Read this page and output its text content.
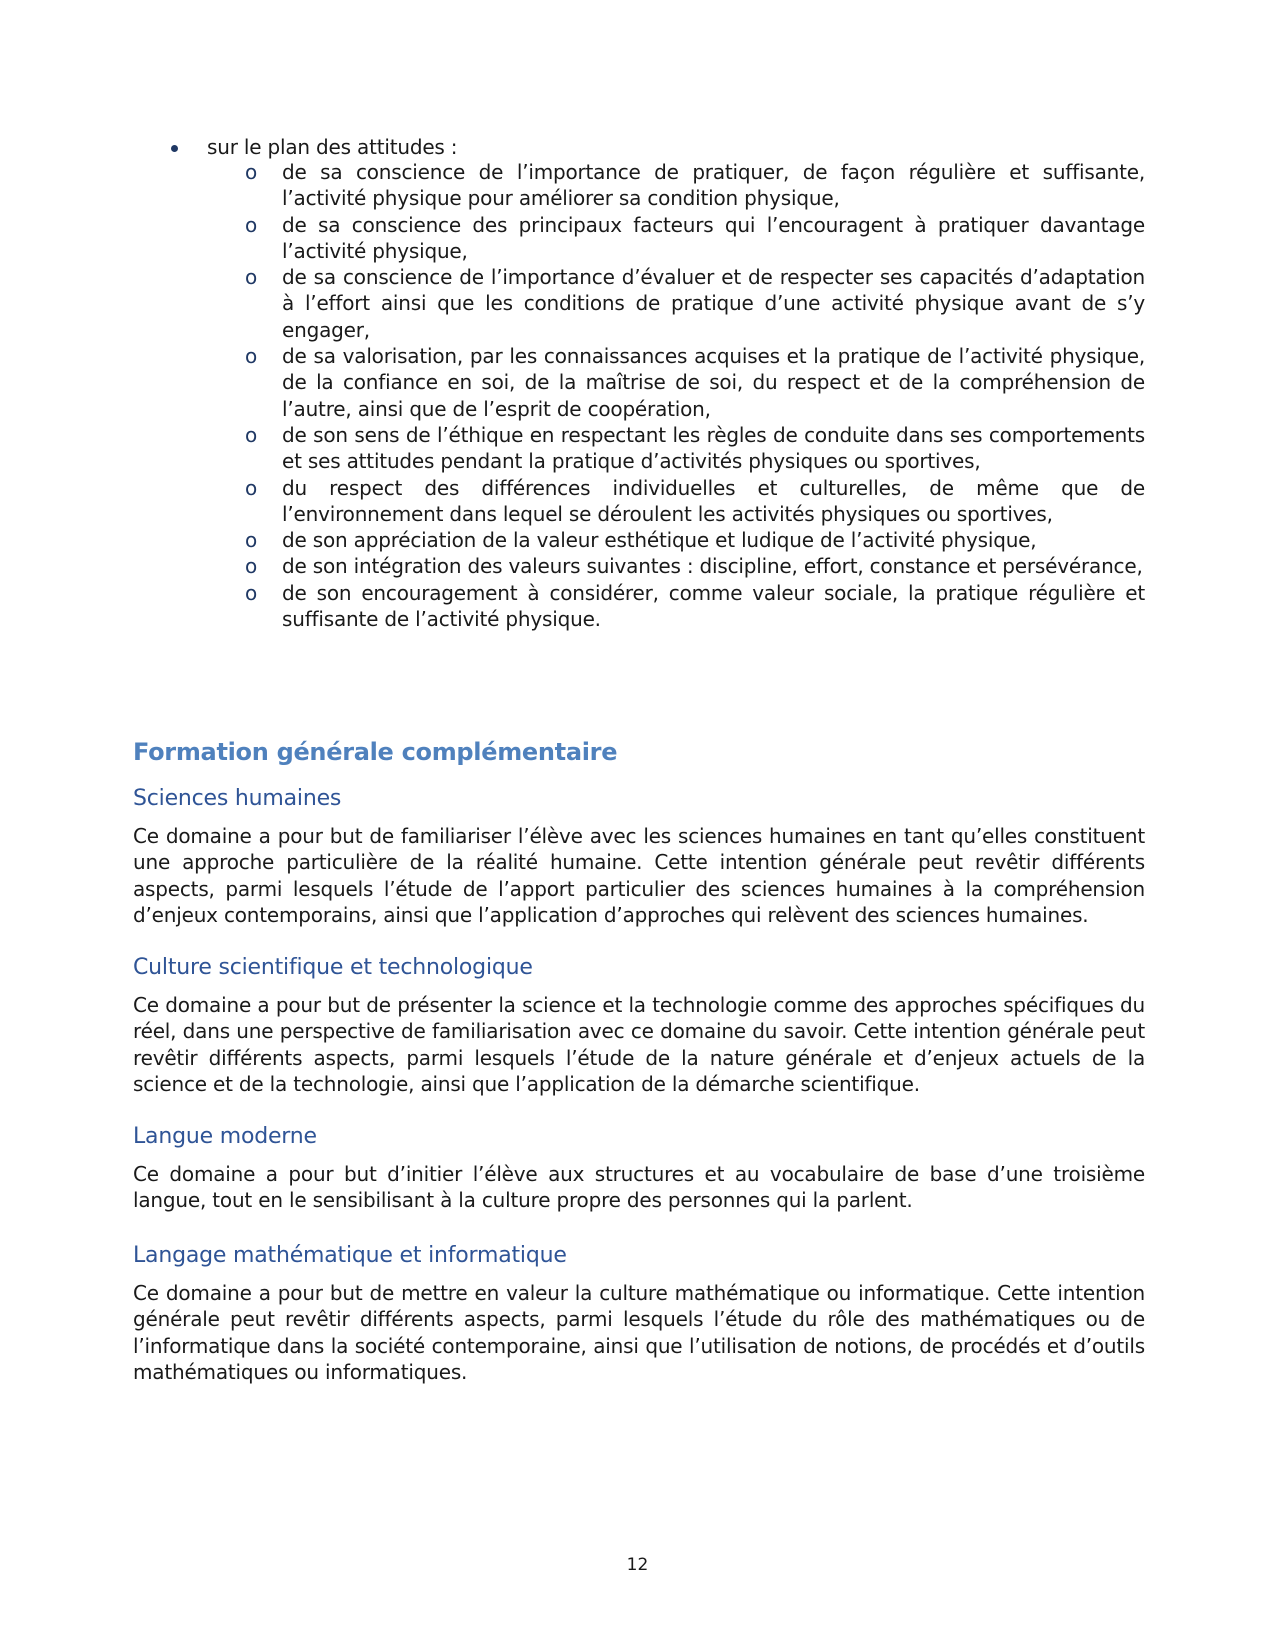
sur le plan des attitudes :
o de sa conscience de l’importance de pratiquer, de façon régulière et suffisante, l’activité physique pour améliorer sa condition physique,
o de sa conscience des principaux facteurs qui l’encouragent à pratiquer davantage l’activité physique,
o de sa conscience de l’importance d’évaluer et de respecter ses capacités d’adaptation à l’effort ainsi que les conditions de pratique d’une activité physique avant de s’y engager,
o de sa valorisation, par les connaissances acquises et la pratique de l’activité physique, de la confiance en soi, de la maîtrise de soi, du respect et de la compréhension de l’autre, ainsi que de l’esprit de coopération,
o de son sens de l’éthique en respectant les règles de conduite dans ses comportements et ses attitudes pendant la pratique d’activités physiques ou sportives,
o du respect des différences individuelles et culturelles, de même que de l’environnement dans lequel se déroulent les activités physiques ou sportives,
o de son appréciation de la valeur esthétique et ludique de l’activité physique,
o de son intégration des valeurs suivantes : discipline, effort, constance et persévérance,
o de son encouragement à considérer, comme valeur sociale, la pratique régulière et suffisante de l’activité physique.
Formation générale complémentaire
Sciences humaines

Ce domaine a pour but de familiariser l’élève avec les sciences humaines en tant qu’elles constituent une approche particulière de la réalité humaine. Cette intention générale peut revêtir différents aspects, parmi lesquels l’étude de l’apport particulier des sciences humaines à la compréhension d’enjeux contemporains, ainsi que l’application d’approches qui relèvent des sciences humaines.

Culture scientifique et technologique

Ce domaine a pour but de présenter la science et la technologie comme des approches spécifiques du réel, dans une perspective de familiarisation avec ce domaine du savoir. Cette intention générale peut revêtir différents aspects, parmi lesquels l’étude de la nature générale et d’enjeux actuels de la science et de la technologie, ainsi que l’application de la démarche scientifique.

Langue moderne

Ce domaine a pour but d’initier l’élève aux structures et au vocabulaire de base d’une troisième langue, tout en le sensibilisant à la culture propre des personnes qui la parlent.

Langage mathématique et informatique

Ce domaine a pour but de mettre en valeur la culture mathématique ou informatique. Cette intention générale peut revêtir différents aspects, parmi lesquels l’étude du rôle des mathématiques ou de l’informatique dans la société contemporaine, ainsi que l’utilisation de notions, de procédés et d’outils mathématiques ou informatiques.

12
